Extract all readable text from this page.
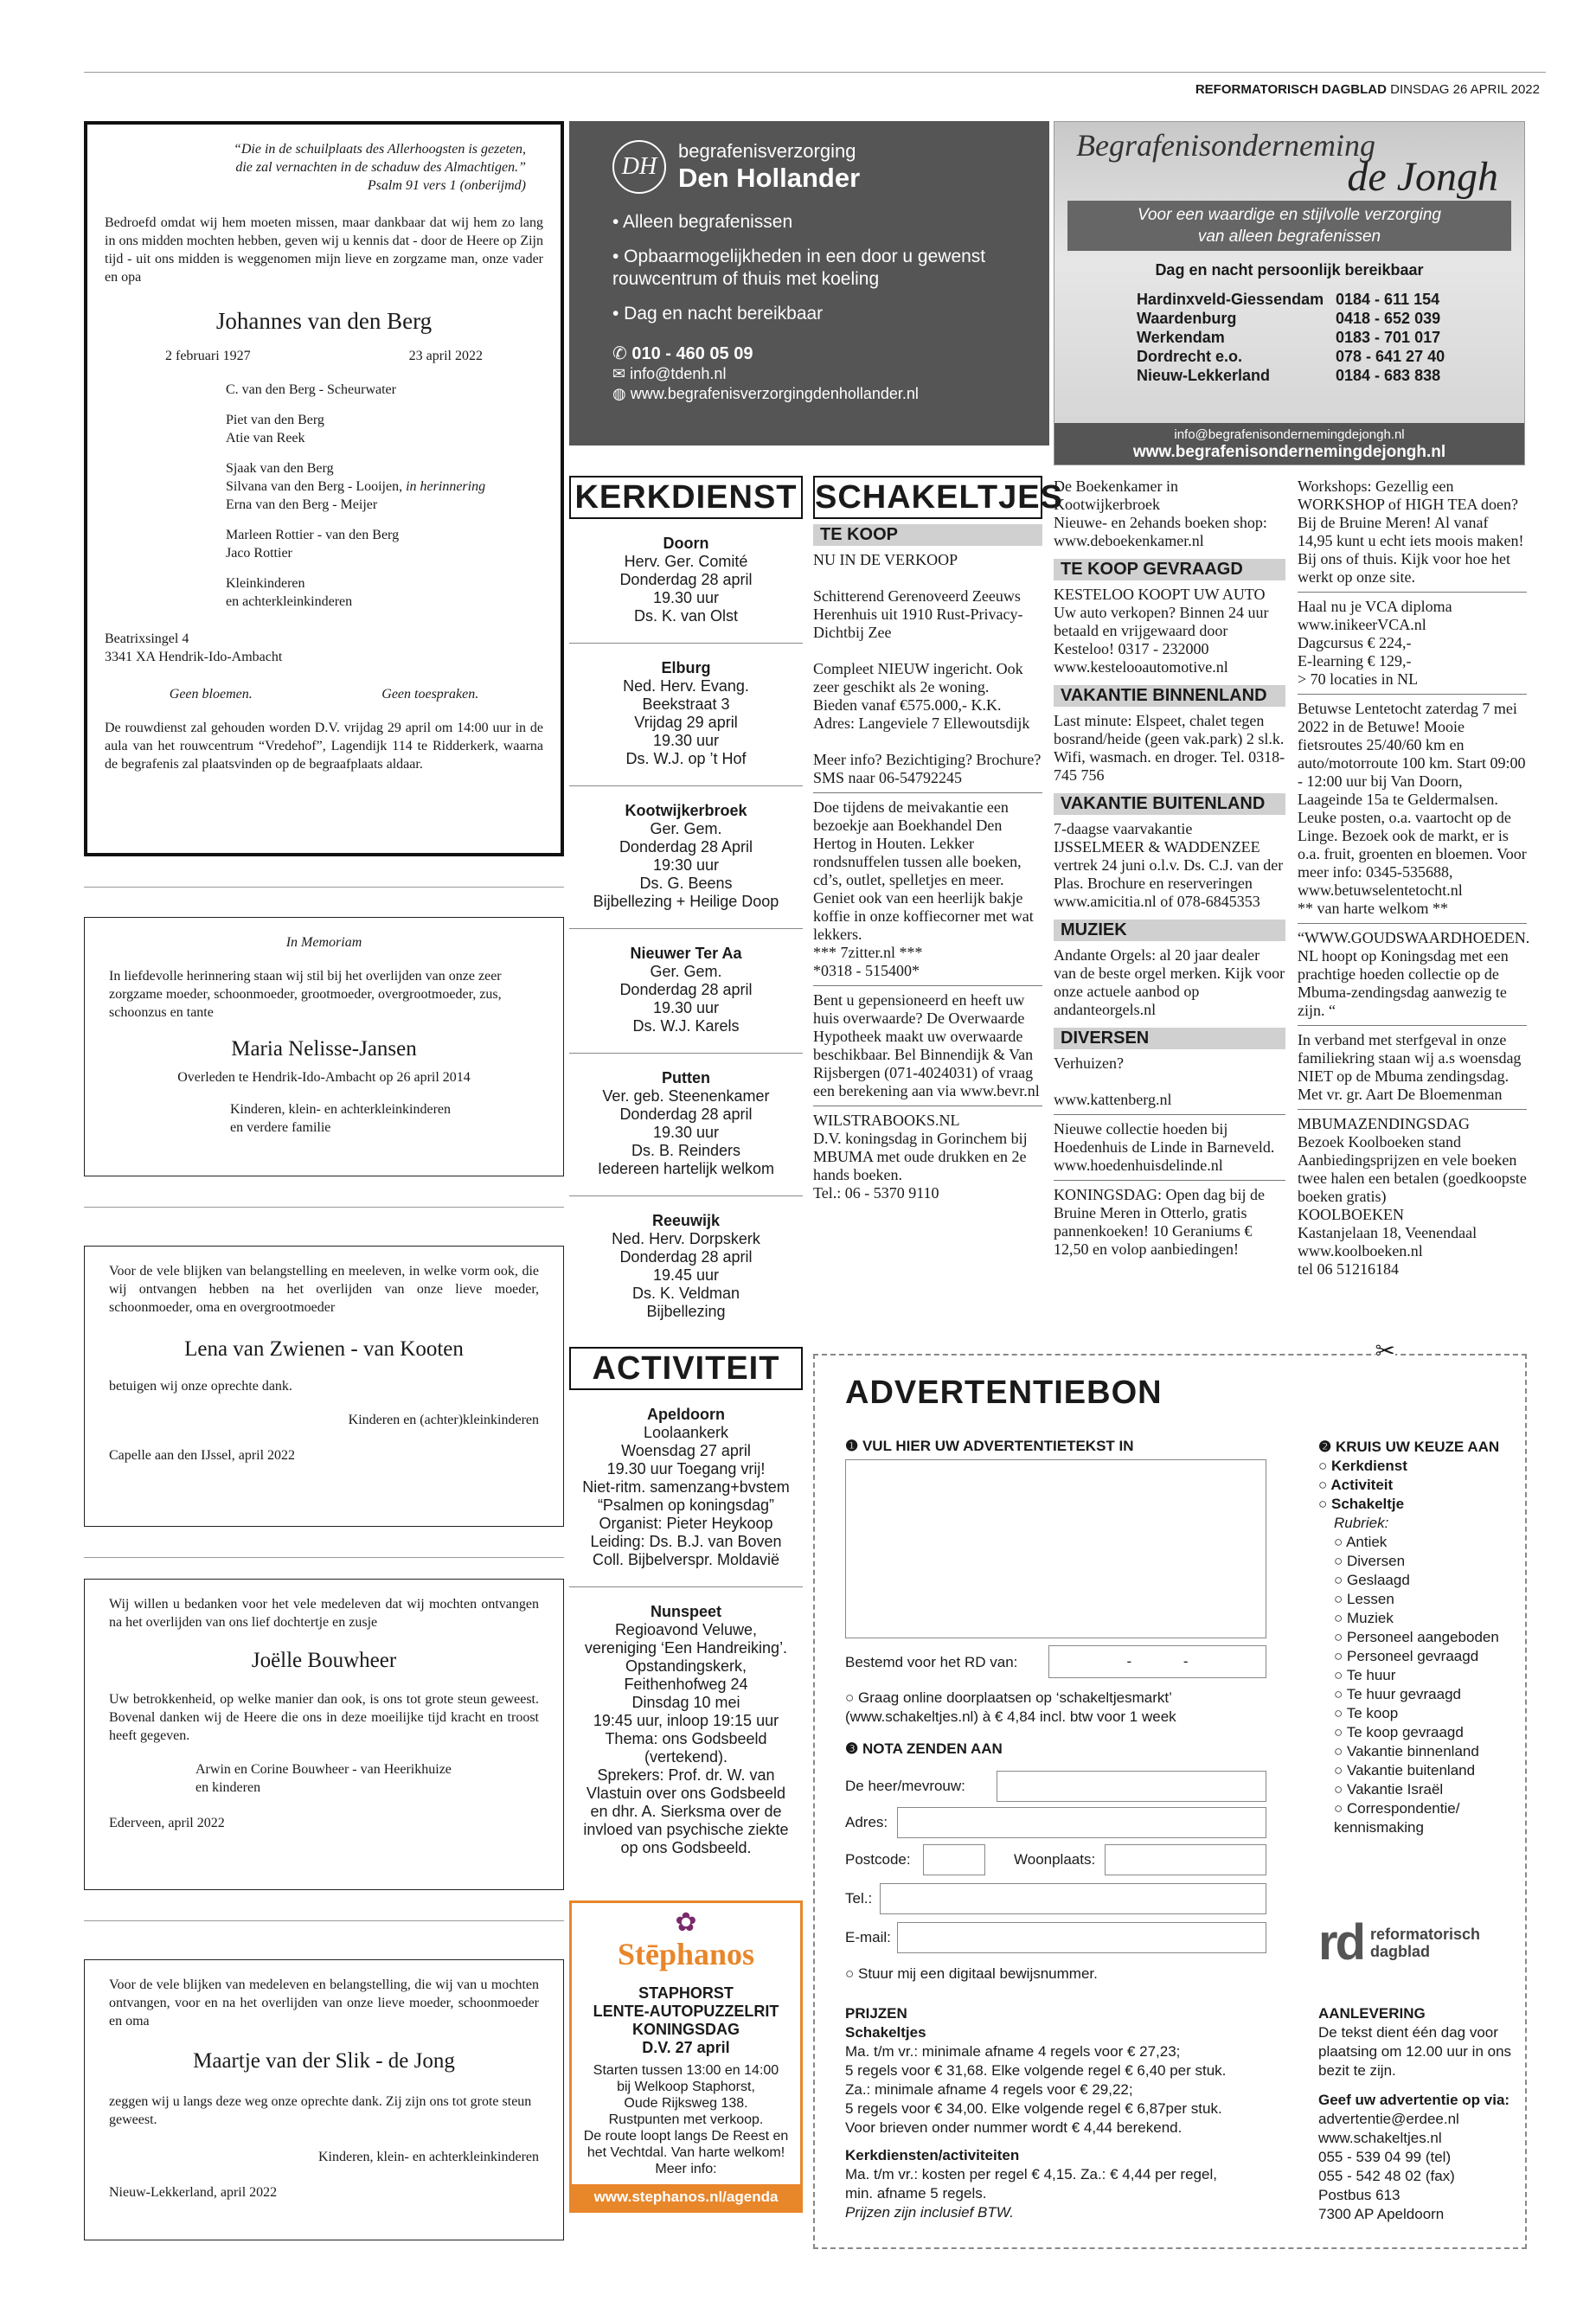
REFORMATORISCH DAGBLAD DINSDAG 26 APRIL 2022

“Die in de schuilplaats des Allerhoogsten is gezeten,

die zal vernachten in de schaduw des Almachtigen.”

Psalm 91 vers 1 (onberijmd)

Bedroefd omdat wij hem moeten missen, maar dankbaar dat wij hem zo lang in ons midden mochten hebben, geven wij u kennis dat - door de Heere op Zijn tijd - uit ons midden is weggenomen mijn lieve en zorgzame man, onze vader en opa

Johannes van den Berg
2 februari 1927	23 april 2022
C. van den Berg - Scheurwater
Piet van den Berg
Atie van Reek
Sjaak van den Berg
Silvana van den Berg - Looijen, in herinnering
Erna van den Berg - Meijer
Marleen Rottier - van den Berg
Jaco Rottier
Kleinkinderen
en achterkleinkinderen

Beatrixsingel 4

3341 XA Hendrik-Ido-Ambacht

Geen bloemen.	Geen toespraken.

De rouwdienst zal gehouden worden D.V. vrijdag 29 april om 14:00 uur in de aula van het rouwcentrum “Vredehof”, Lagendijk 114 te Ridderkerk, waarna de begrafenis zal plaatsvinden op de begraafplaats aldaar.

In Memoriam

In liefdevolle herinnering staan wij stil bij het overlijden van onze zeer zorgzame moeder, schoonmoeder, grootmoeder, overgrootmoeder, zus, schoonzus en tante

Maria Nelisse-Jansen

Overleden te Hendrik-Ido-Ambacht op 26 april 2014

Kinderen, klein- en achterkleinkinderen

en verdere familie

Voor de vele blijken van belangstelling en meeleven, in welke vorm ook, die wij ontvangen hebben na het overlijden van onze lieve moeder, schoonmoeder, oma en overgrootmoeder

Lena van Zwienen - van Kooten

betuigen wij onze oprechte dank.

Kinderen en (achter)kleinkinderen

Capelle aan den IJssel, april 2022

Wij willen u bedanken voor het vele medeleven dat wij mochten ontvangen na het overlijden van ons lief dochtertje en zusje

Joëlle Bouwheer

Uw betrokkenheid, op welke manier dan ook, is ons tot grote steun geweest. Bovenal danken wij de Heere die ons in deze moeilijke tijd kracht en troost heeft gegeven.

Arwin en Corine Bouwheer - van Heerikhuize

en kinderen

Ederveen, april 2022

Voor de vele blijken van medeleven en belangstelling, die wij van u mochten ontvangen, voor en na het overlijden van onze lieve moeder, schoonmoeder en oma

Maartje van der Slik - de Jong

zeggen wij u langs deze weg onze oprechte dank. Zij zijn ons tot grote steun geweest.

Kinderen, klein- en achterkleinkinderen

Nieuw-Lekkerland, april 2022

DH
begrafenisverzorging
Den Hollander

• Alleen begrafenissen

• Opbaarmogelijkheden in een door u gewenst rouwcentrum of thuis met koeling

• Dag en nacht bereikbaar

✆ 010 - 460 05 09

✉ info@tdenh.nl

◍ www.begrafenisverzorgingdenhollander.nl

Begrafenisonderneming
de Jongh
Voor een waardige en stijlvolle verzorging
van alleen begrafenissen
Dag en nacht persoonlijk bereikbaar
Hardinxveld-Giessendam 0184 - 611 154
Waardenburg	0418 - 652 039
Werkendam	0183 - 701 017
Dordrecht e.o.	078 - 641 27 40
Nieuw-Lekkerland	0184 - 683 838
info@begrafenisondernemingdejongh.nl
www.begrafenisondernemingdejongh.nl
KERKDIENST
Doorn
Herv. Ger. Comité
Donderdag 28 april
19.30 uur
Ds. K. van Olst
Elburg
Ned. Herv. Evang.
Beekstraat 3
Vrijdag 29 april
19.30 uur
Ds. W.J. op ’t Hof
Kootwijkerbroek
Ger. Gem.
Donderdag 28 April
19:30 uur
Ds. G. Beens
Bijbellezing + Heilige Doop
Nieuwer Ter Aa
Ger. Gem.
Donderdag 28 april
19.30 uur
Ds. W.J. Karels
Putten
Ver. geb. Steenenkamer
Donderdag 28 april
19.30 uur
Ds. B. Reinders
Iedereen hartelijk welkom
Reeuwijk
Ned. Herv. Dorpskerk
Donderdag 28 april
19.45 uur
Ds. K. Veldman
Bijbellezing
ACTIVITEIT
Apeldoorn
Loolaankerk
Woensdag 27 april
19.30 uur Toegang vrij!
Niet-ritm. samenzang+bvstem
“Psalmen op koningsdag”
Organist: Pieter Heykoop
Leiding: Ds. B.J. van Boven
Coll. Bijbelverspr. Moldavië
Nunspeet
Regioavond Veluwe,
vereniging ‘Een Handreiking’.
Opstandingskerk,
Feithenhofweg 24
Dinsdag 10 mei
19:45 uur, inloop 19:15 uur
Thema: ons Godsbeeld
(vertekend).
Sprekers: Prof. dr. W. van
Vlastuin over ons Godsbeeld
en dhr. A. Sierksma over de
invloed van psychische ziekte
op ons Godsbeeld.
✿
Stēphanos
STAPHORST
LENTE-AUTOPUZZELRIT
KONINGSDAG
D.V. 27 april
Starten tussen 13:00 en 14:00
bij Welkoop Staphorst,
Oude Rijksweg 138.
Rustpunten met verkoop.
De route loopt langs De Reest en
het Vechtdal. Van harte welkom!
Meer info:
www.stephanos.nl/agenda
SCHAKELTJES
TE KOOP
NU IN DE VERKOOP

Schitterend Gerenoveerd Zeeuws Herenhuis uit 1910 Rust-Privacy-Dichtbij Zee

Compleet NIEUW ingericht. Ook zeer geschikt als 2e woning.
Bieden vanaf €575.000,- K.K.
Adres: Langeviele 7 Ellewoutsdijk

Meer info? Bezichtiging? Brochure?
SMS naar 06-54792245
Doe tijdens de meivakantie een bezoekje aan Boekhandel Den Hertog in Houten. Lekker rondsnuffelen tussen alle boeken, cd’s, outlet, spelletjes en meer. Geniet ook van een heerlijk bakje koffie in onze koffiecorner met wat lekkers.
*** 7zitter.nl ***
*0318 - 515400*
Bent u gepensioneerd en heeft uw huis overwaarde? De Overwaarde Hypotheek maakt uw overwaarde beschikbaar. Bel Binnendijk & Van Rijsbergen (071-4024031) of vraag een berekening aan via www.bevr.nl
WILSTRABOOKS.NL
D.V. koningsdag in Gorinchem bij MBUMA met oude drukken en 2e hands boeken.
Tel.: 06 - 5370 9110
De Boekenkamer in Kootwijkerbroek
Nieuwe- en 2ehands boeken shop: www.deboekenkamer.nl
TE KOOP GEVRAAGD
KESTELOO KOOPT UW AUTO
Uw auto verkopen? Binnen 24 uur betaald en vrijgewaard door Kesteloo! 0317 - 232000 www.kestelooautomotive.nl
VAKANTIE BINNENLAND
Last minute: Elspeet, chalet tegen bosrand/heide (geen vak.park) 2 sl.k. Wifi, wasmach. en droger. Tel. 0318-745 756
VAKANTIE BUITENLAND
7-daagse vaarvakantie IJSSELMEER & WADDENZEE vertrek 24 juni o.l.v. Ds. C.J. van der Plas. Brochure en reserveringen www.amicitia.nl of 078-6845353
MUZIEK
Andante Orgels: al 20 jaar dealer van de beste orgel merken. Kijk voor onze actuele aanbod op andanteorgels.nl
DIVERSEN
Verhuizen?

www.kattenberg.nl
Nieuwe collectie hoeden bij Hoedenhuis de Linde in Barneveld.
www.hoedenhuisdelinde.nl
KONINGSDAG: Open dag bij de Bruine Meren in Otterlo, gratis pannenkoeken! 10 Geraniums € 12,50 en volop aanbiedingen!
Workshops: Gezellig een WORKSHOP of HIGH TEA doen? Bij de Bruine Meren! Al vanaf 14,95 kunt u echt iets moois maken! Bij ons of thuis. Kijk voor hoe het werkt op onze site.
Haal nu je VCA diploma
www.inikeerVCA.nl
Dagcursus € 224,-
E-learning € 129,-
> 70 locaties in NL
Betuwse Lentetocht zaterdag 7 mei 2022 in de Betuwe! Mooie fietsroutes 25/40/60 km en auto/motorroute 100 km. Start 09:00 - 12:00 uur bij Van Doorn, Laageinde 15a te Geldermalsen. Leuke posten, o.a. vaartocht op de Linge. Bezoek ook de markt, er is o.a. fruit, groenten en bloemen. Voor meer info: 0345-535688, www.betuwselentetocht.nl
** van harte welkom **
“WWW.GOUDSWAARDHOEDEN. NL hoopt op Koningsdag met een prachtige hoeden collectie op de Mbuma-zendingsdag aanwezig te zijn. “
In verband met sterfgeval in onze familiekring staan wij a.s woensdag NIET op de Mbuma zendingsdag. Met vr. gr. Aart De Bloemenman
MBUMAZENDINGSDAG
Bezoek Koolboeken stand Aanbiedingsprijzen en vele boeken twee halen een betalen (goedkoopste boeken gratis)
KOOLBOEKEN
Kastanjelaan 18, Veenendaal
www.koolboeken.nl
tel 06 51216184
✂
ADVERTENTIEBON
❶ VUL HIER UW ADVERTENTIETEKST IN
Bestemd voor het RD van:	-	-
○ Graag online doorplaatsen op ‘schakeltjesmarkt’ (www.schakeltjes.nl) à € 4,84 incl. btw voor 1 week
❸ NOTA ZENDEN AAN
De heer/mevrouw:
Adres:
Postcode:
Tel.:
E-mail:
Woonplaats:
○ Stuur mij een digitaal bewijsnummer.
PRIJZEN
Schakeltjes
Ma. t/m vr.: minimale afname 4 regels voor € 27,23;
5 regels voor € 31,68. Elke volgende regel € 6,40 per stuk.
Za.: minimale afname 4 regels voor € 29,22;
5 regels voor € 34,00. Elke volgende regel € 6,87per stuk.
Voor brieven onder nummer wordt € 4,44 berekend.
Kerkdiensten/activiteiten
Ma. t/m vr.: kosten per regel € 4,15. Za.: € 4,44 per regel,
min. afname 5 regels.
Prijzen zijn inclusief BTW.
❷ KRUIS UW KEUZE AAN
○ Kerkdienst
○ Activiteit
○ Schakeltje
Rubriek:
○ Antiek
○ Diversen
○ Geslaagd
○ Lessen
○ Muziek
○ Personeel aangeboden
○ Personeel gevraagd
○ Te huur
○ Te huur gevraagd
○ Te koop
○ Te koop gevraagd
○ Vakantie binnenland
○ Vakantie buitenland
○ Vakantie Israël
○ Correspondentie/ kennismaking
rd reformatorisch
dagblad
AANLEVERING
De tekst dient één dag voor plaatsing om 12.00 uur in ons bezit te zijn.
Geef uw advertentie op via:
advertentie@erdee.nl
www.schakeltjes.nl
055 - 539 04 99 (tel)
055 - 542 48 02 (fax)
Postbus 613
7300 AP Apeldoorn
